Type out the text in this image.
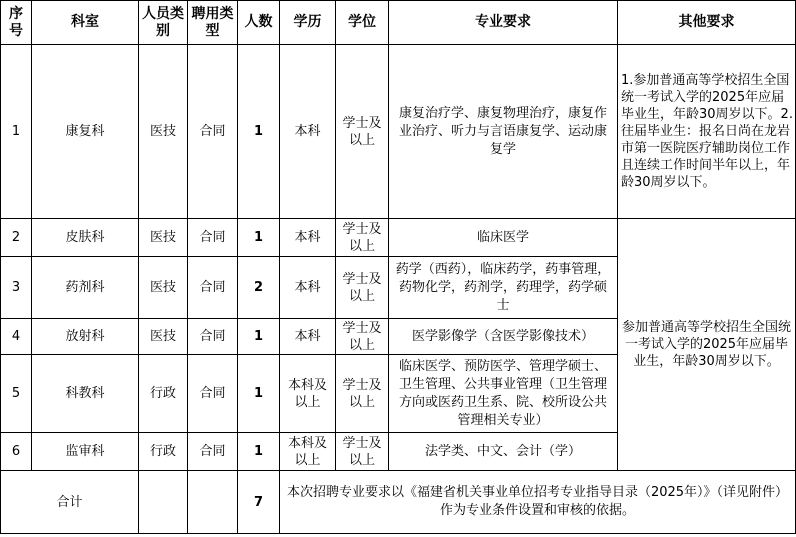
序号	科室	人员类别	聘用类型	人数	学历	学位	专业要求	其他要求
1	康复科	医技	合同	1	本科	学士及以上	康复治疗学、康复物理治疗，康复作业治疗、听力与言语康复学、运动康复学	1.参加普通高等学校招生全国统一考试入学的2025年应届毕业生，年龄30周岁以下。2.往届毕业生：报名日尚在龙岩市第一医院医疗辅助岗位工作且连续工作时间半年以上，年龄30周岁以下。
2	皮肤科	医技	合同	1	本科	学士及以上	临床医学	参加普通高等学校招生全国统一考试入学的2025年应届毕业生，年龄30周岁以下。
3	药剂科	医技	合同	2	本科	学士及以上	药学（西药），临床药学，药事管理，药物化学，药剂学，药理学，药学硕士	
4	放射科	医技	合同	1	本科	学士及以上	医学影像学（含医学影像技术）	
5	科教科	行政	合同	1	本科及以上	学士及以上	临床医学、预防医学、管理学硕士、卫生管理、公共事业管理（卫生管理方向或医药卫生系、院、校所设公共管理相关专业）	
6	监审科	行政	合同	1	本科及以上	学士及以上	法学类、中文、会计（学）	
合计				7	本次招聘专业要求以《福建省机关事业单位招考专业指导目录（2025年）》（详见附件）作为专业条件设置和审核的依据。			
